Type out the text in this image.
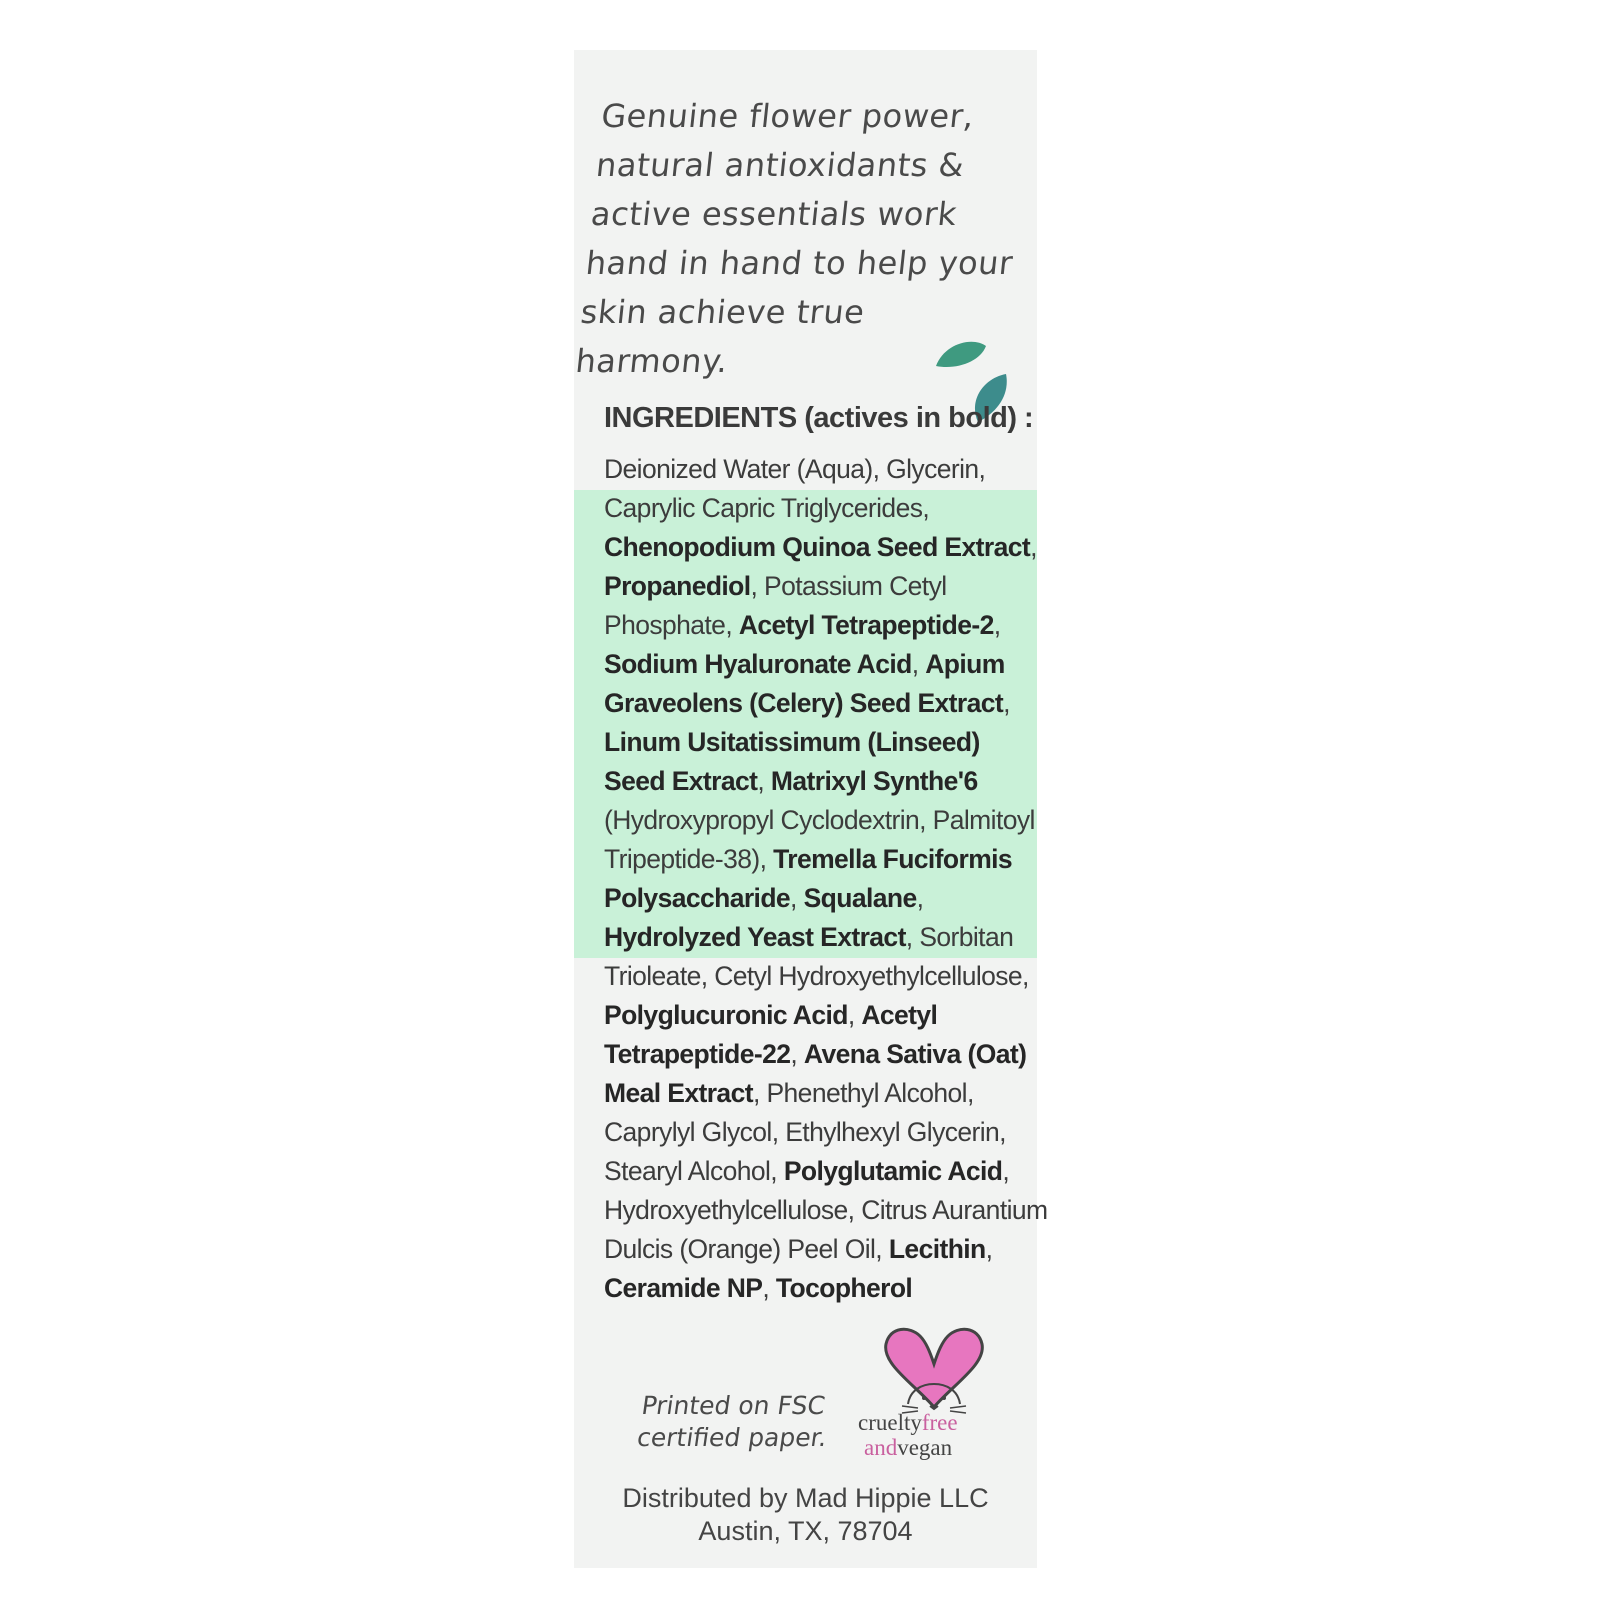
Genuine flower power,
natural antioxidants &
active essentials work
hand in hand to help your
skin achieve true
harmony.
INGREDIENTS (actives in bold) :
Deionized Water (Aqua), Glycerin,
Caprylic Capric Triglycerides,
Chenopodium Quinoa Seed Extract,
Propanediol, Potassium Cetyl
Phosphate, Acetyl Tetrapeptide-2,
Sodium Hyaluronate Acid, Apium
Graveolens (Celery) Seed Extract,
Linum Usitatissimum (Linseed)
Seed Extract, Matrixyl Synthe'6
(Hydroxypropyl Cyclodextrin, Palmitoyl
Tripeptide-38), Tremella Fuciformis
Polysaccharide, Squalane,
Hydrolyzed Yeast Extract, Sorbitan
Trioleate, Cetyl Hydroxyethylcellulose,
Polyglucuronic Acid, Acetyl
Tetrapeptide-22, Avena Sativa (Oat)
Meal Extract, Phenethyl Alcohol,
Caprylyl Glycol, Ethylhexyl Glycerin,
Stearyl Alcohol, Polyglutamic Acid,
Hydroxyethylcellulose, Citrus Aurantium
Dulcis (Orange) Peel Oil, Lecithin,
Ceramide NP, Tocopherol
Printed on FSC
certified paper.
crueltyfree
andvegan
Distributed by Mad Hippie LLC
Austin, TX, 78704
